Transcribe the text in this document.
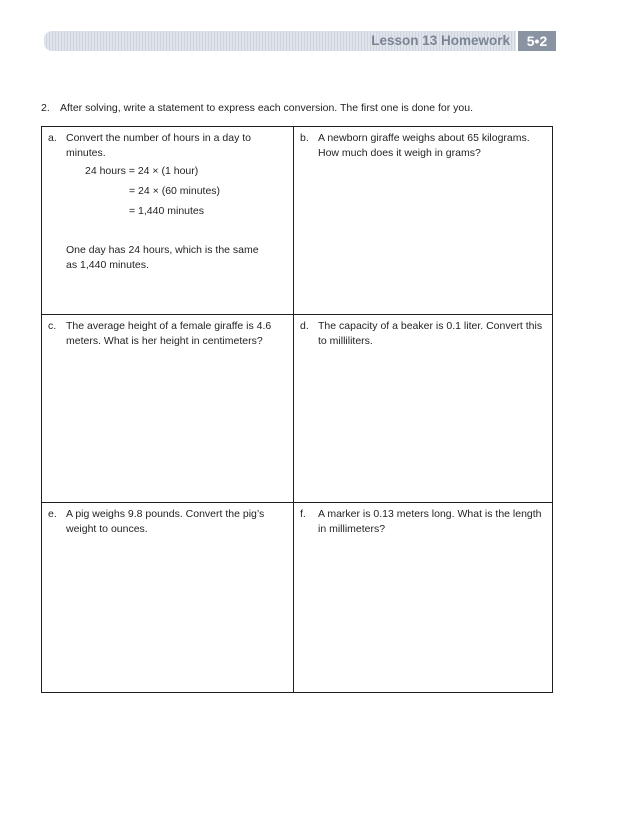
Lesson 13 Homework	5•2
2. After solving, write a statement to express each conversion. The first one is done for you.
a. Convert the number of hours in a day to minutes.
24 hours = 24 × (1 hour)
= 24 × (60 minutes)
= 1,440 minutes
One day has 24 hours, which is the same as 1,440 minutes.
b. A newborn giraffe weighs about 65 kilograms. How much does it weigh in grams?
c. The average height of a female giraffe is 4.6 meters. What is her height in centimeters?
d. The capacity of a beaker is 0.1 liter. Convert this to milliliters.
e. A pig weighs 9.8 pounds. Convert the pig’s weight to ounces.
f. A marker is 0.13 meters long. What is the length in millimeters?
